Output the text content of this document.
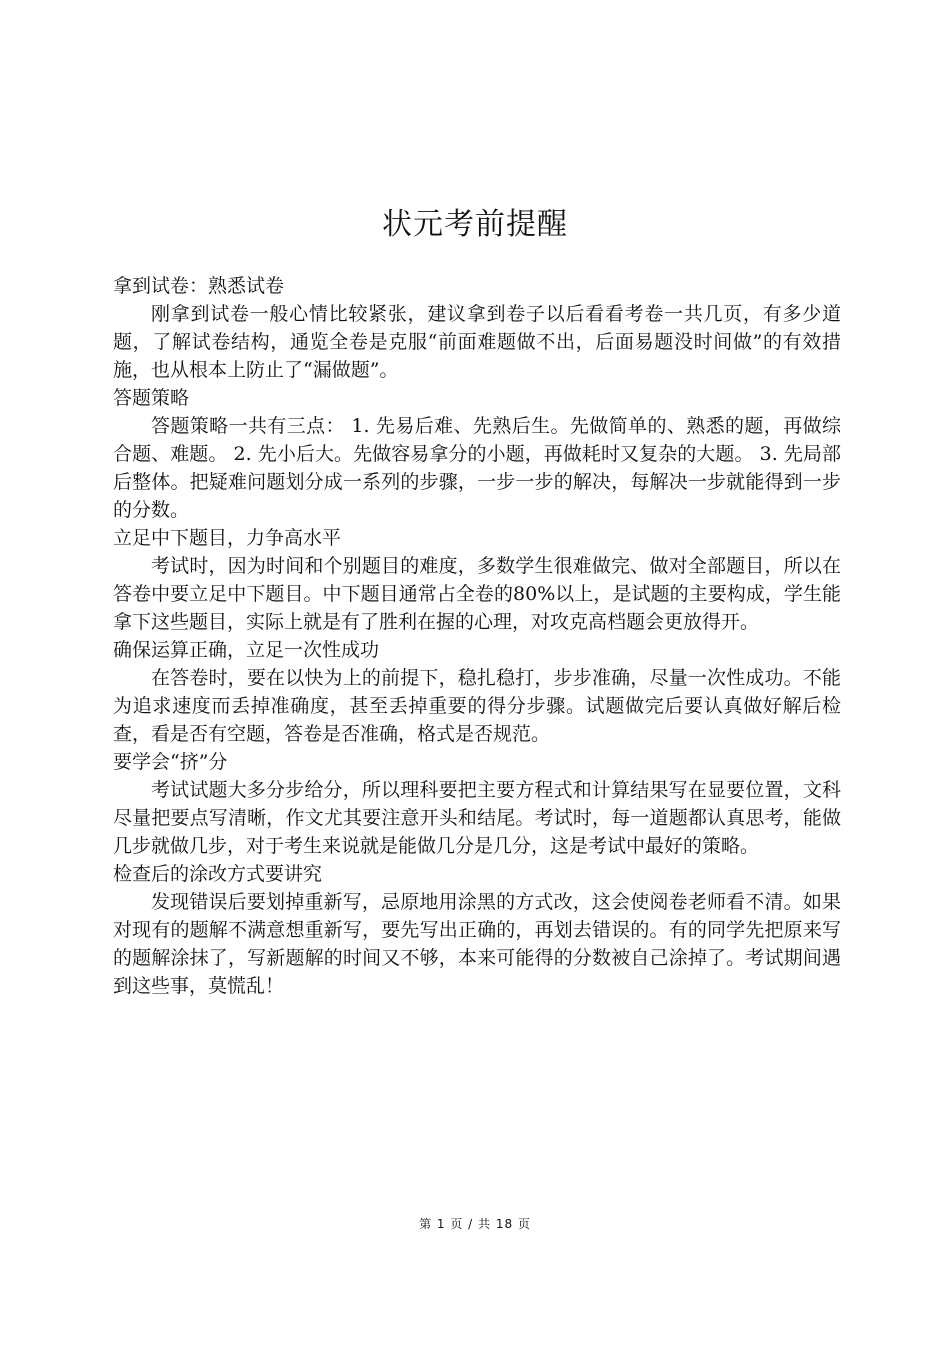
状元考前提醒
拿到试卷：熟悉试卷

刚拿到试卷一般心情比较紧张，建议拿到卷子以后看看考卷一共几页，有多少道题，了解试卷结构，通览全卷是克服“前面难题做不出，后面易题没时间做”的有效措施，也从根本上防止了“漏做题”。

答题策略

答题策略一共有三点： 1. 先易后难、先熟后生。先做简单的、熟悉的题，再做综合题、难题。 2. 先小后大。先做容易拿分的小题，再做耗时又复杂的大题。 3. 先局部后整体。把疑难问题划分成一系列的步骤，一步一步的解决，每解决一步就能得到一步的分数。

立足中下题目，力争高水平

考试时，因为时间和个别题目的难度，多数学生很难做完、做对全部题目，所以在答卷中要立足中下题目。中下题目通常占全卷的80%以上，是试题的主要构成，学生能拿下这些题目，实际上就是有了胜利在握的心理，对攻克高档题会更放得开。

确保运算正确，立足一次性成功

在答卷时，要在以快为上的前提下，稳扎稳打，步步准确，尽量一次性成功。不能为追求速度而丢掉准确度，甚至丢掉重要的得分步骤。试题做完后要认真做好解后检查，看是否有空题，答卷是否准确，格式是否规范。

要学会“挤”分

考试试题大多分步给分，所以理科要把主要方程式和计算结果写在显要位置，文科尽量把要点写清晰，作文尤其要注意开头和结尾。考试时，每一道题都认真思考，能做几步就做几步，对于考生来说就是能做几分是几分，这是考试中最好的策略。

检查后的涂改方式要讲究

发现错误后要划掉重新写，忌原地用涂黑的方式改，这会使阅卷老师看不清。如果对现有的题解不满意想重新写，要先写出正确的，再划去错误的。有的同学先把原来写的题解涂抹了，写新题解的时间又不够，本来可能得的分数被自己涂掉了。考试期间遇到这些事，莫慌乱！

第 1 页 / 共 18 页
